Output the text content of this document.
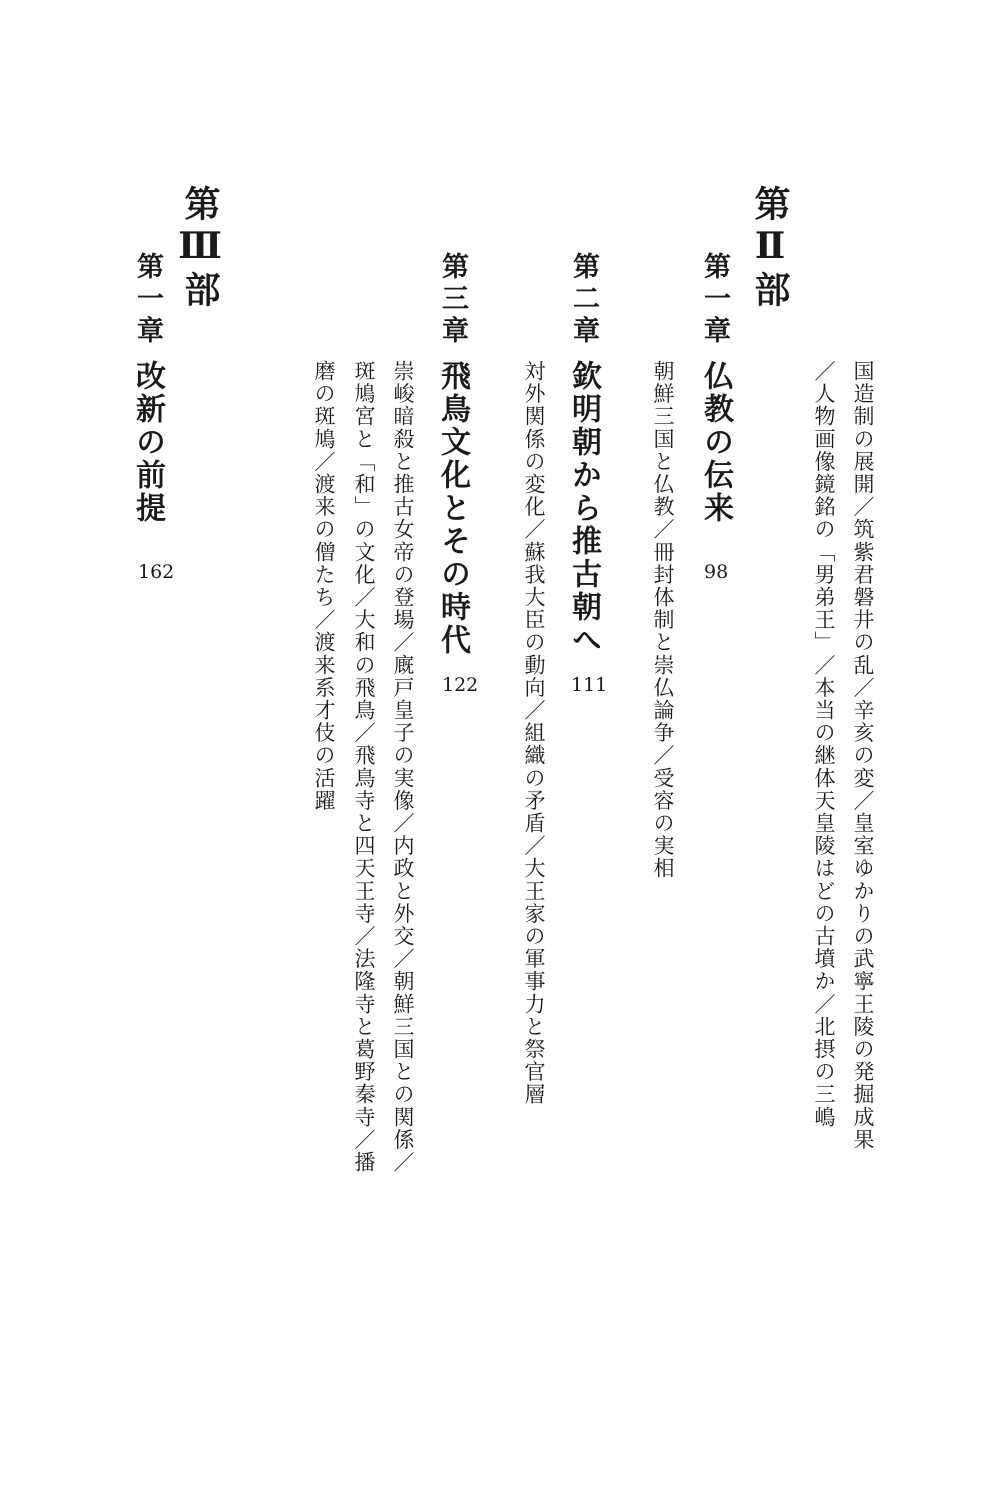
国造制の展開／筑紫君磐井の乱／辛亥の変／皇室ゆかりの武寧王陵の発掘成果

／人物画像鏡銘の「男弟王」／本当の継体天皇陵はどの古墳か／北摂の三嶋

第Ⅱ部
第一章
仏教の伝来
98

朝鮮三国と仏教／冊封体制と崇仏論争／受容の実相

第二章
欽明朝から推古朝へ
111

対外関係の変化／蘇我大臣の動向／組織の矛盾／大王家の軍事力と祭官層

第三章
飛鳥文化とその時代
122

崇峻暗殺と推古女帝の登場／廐戸皇子の実像／内政と外交／朝鮮三国との関係／

斑鳩宮と「和」の文化／大和の飛鳥／飛鳥寺と四天王寺／法隆寺と葛野秦寺／播

磨の斑鳩／渡来の僧たち／渡来系才伎の活躍

第Ⅲ部
第一章
改新の前提
162
